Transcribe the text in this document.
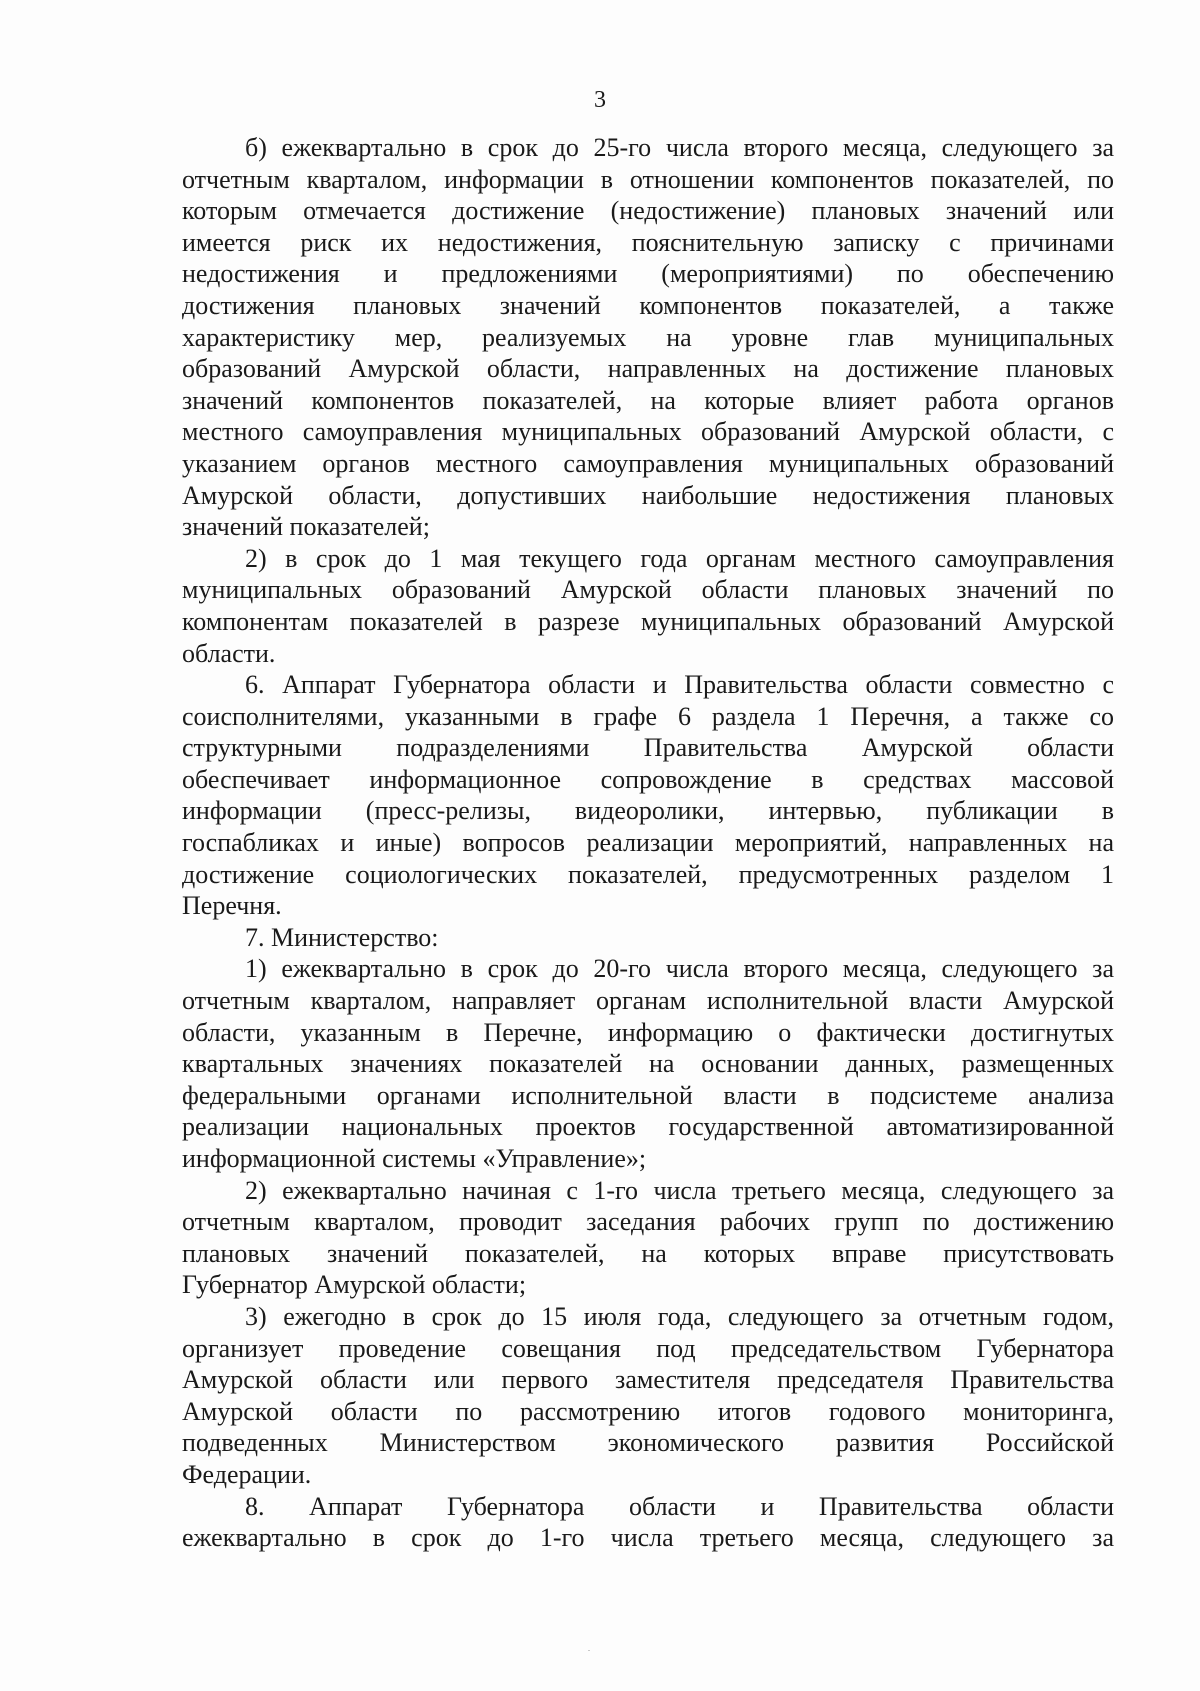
3
б) ежеквартально в срок до 25-го числа второго месяца, следующего за
отчетным кварталом, информации в отношении компонентов показателей, по
которым отмечается достижение (недостижение) плановых значений или
имеется риск их недостижения, пояснительную записку с причинами
недостижения и предложениями (мероприятиями) по обеспечению
достижения плановых значений компонентов показателей, а также
характеристику мер, реализуемых на уровне глав муниципальных
образований Амурской области, направленных на достижение плановых
значений компонентов показателей, на которые влияет работа органов
местного самоуправления муниципальных образований Амурской области, с
указанием органов местного самоуправления муниципальных образований
Амурской области, допустивших наибольшие недостижения плановых
значений показателей;
2) в срок до 1 мая текущего года органам местного самоуправления
муниципальных образований Амурской области плановых значений по
компонентам показателей в разрезе муниципальных образований Амурской
области.
6. Аппарат Губернатора области и Правительства области совместно с
соисполнителями, указанными в графе 6 раздела 1 Перечня, а также со
структурными подразделениями Правительства Амурской области
обеспечивает информационное сопровождение в средствах массовой
информации (пресс-релизы, видеоролики, интервью, публикации в
госпабликах и иные) вопросов реализации мероприятий, направленных на
достижение социологических показателей, предусмотренных разделом 1
Перечня.
7. Министерство:
1) ежеквартально в срок до 20-го числа второго месяца, следующего за
отчетным кварталом, направляет органам исполнительной власти Амурской
области, указанным в Перечне, информацию о фактически достигнутых
квартальных значениях показателей на основании данных, размещенных
федеральными органами исполнительной власти в подсистеме анализа
реализации национальных проектов государственной автоматизированной
информационной системы «Управление»;
2) ежеквартально начиная с 1-го числа третьего месяца, следующего за
отчетным кварталом, проводит заседания рабочих групп по достижению
плановых значений показателей, на которых вправе присутствовать
Губернатор Амурской области;
3) ежегодно в срок до 15 июля года, следующего за отчетным годом,
организует проведение совещания под председательством Губернатора
Амурской области или первого заместителя председателя Правительства
Амурской области по рассмотрению итогов годового мониторинга,
подведенных Министерством экономического развития Российской
Федерации.
8. Аппарат Губернатора области и Правительства области
ежеквартально в срок до 1-го числа третьего месяца, следующего за
